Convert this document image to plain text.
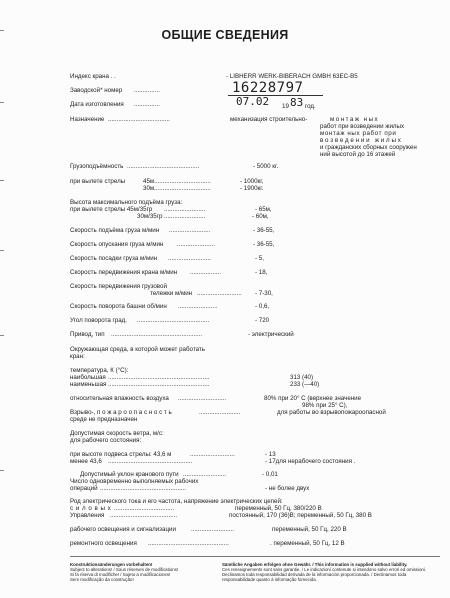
ОБЩИЕ СВЕДЕНИЯ
Индекс крана . .	- LIBHERR WERK-BIBERACH GMBH 63EC-B5
Заводской* номер ...............	16228797
Дата изготовления ...............	07.02 19 83 год.
Назначение ....................................	механизация строительно-	монтаж ных
работ при возведении жилых
монтаж ных работ при
возведении жилых
и гражданских сборных сооружен
ний высотой до 16 этажей
Грузоподъёмность ..........................................	- 5000 кг.
при вылете стрелы	45м.................................	- 1000кг,
30м.................................	- 1900кг.
Высота максимального подъёма груза:
при вылете стрелы 45м/35гр ........................	- 65м,
30м/35гр ........................	- 60м,
Скорость подъёма груза м/мин ........................	- 36-55,
Скорость опускания груза м/мин ......................	- 36-55,
Скорость посадки груза м/мин .........................	- 5,
Скорость передвижения крана м/мин ..................	- 18,
Скорость передвижения грузовой
тележки м/мин .......................... - 7-30,
Скорость поворота башни об/мин .......................	- 0,6,
Угол поворота град. ..........................................	- 720
Привод, тип .....................................................	- электрический
Окружающая среда, в которой может работать
кран:
температура, К (°С):
наибольшая ...........................................................	313 (40)
наименьшая ...........................................................	233 (—40)
относительная влажность воздуха ............................	80% при 20° С (верхнее значение
98% при 25° С),
Взрыво-, п о ж а р о о п а с н о с т ь	........................	для работы во взрывопожароопасной
среде не предназначен
Допустимая скорость ветра, м/с:
для рабочего состояния:
при высоте подвеса стрелы: 43,6 м	..........................	- 13
менее 43,6 .................................................	- 17для нерабочего состояния .
Допустимый уклон кранового пути .........................	- 0,01
Число одновременно выполняемых рабочих
операций ..................................................	- не более двух
Род электрического тока и его частота, напряжение электрических цепей:
с и л о в ы х ...................................	переменный, 50 Гц, 380/220 В
Управления .......................................	постоянный, 170 (36)В; переменный, 50 Гц, 380 В
рабочего освещения и сигнализации .........................	переменный, 50 Гц, 220 В
ремонтного освещения ...............................................	. переменный, 50 Гц, 12 В
Konstruktionsänderungen vorbehalten!
Subject to alterations! / Sous réserves de modifications!
Si fa riserva di modifiche! / Sujeto a modificaciones!
Sem modificação da construção!
Sämtliche Angaben erfolgen ohne Gewähr. / This information is supplied without liability.
Ces renseignements sont sans garantie. / Le indicazioni contenute si intendono salvo errori ed omissioni.
Declinamos toda responsabilidad derivada de la información proporcionada. / Declinamos toda
responsabilidade quanto à informação fornecida.
